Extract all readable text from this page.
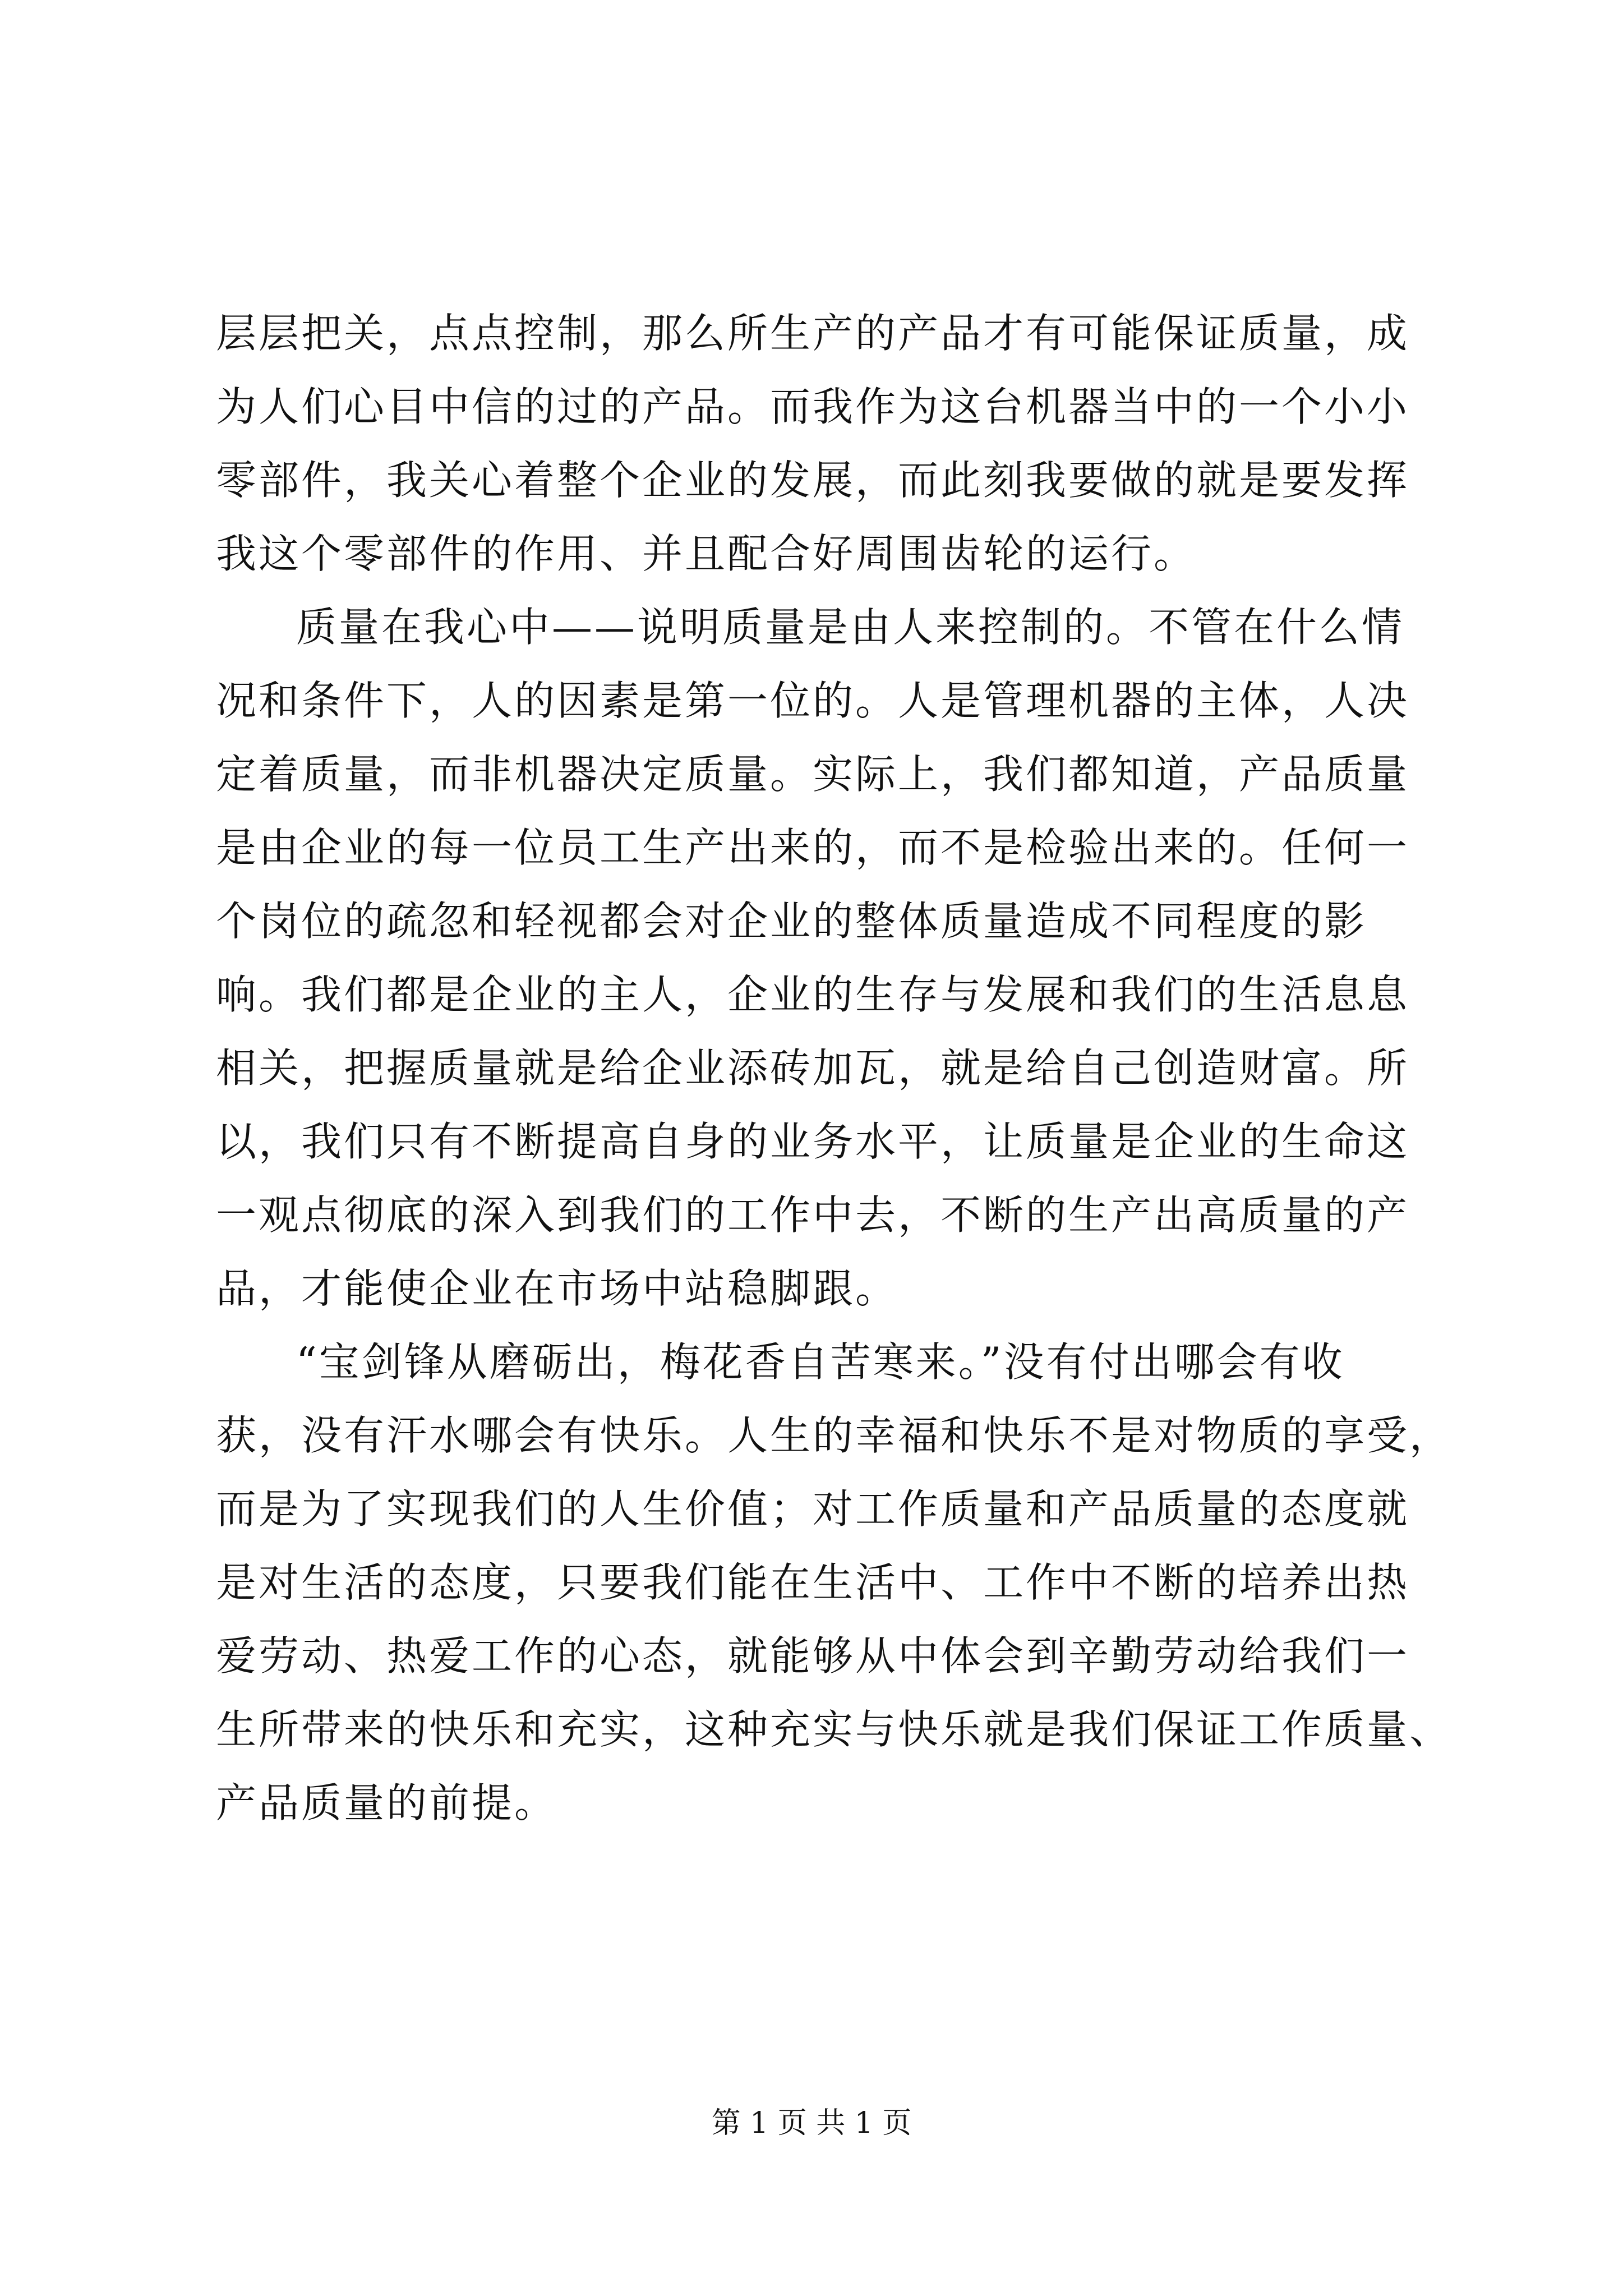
层层把关，点点控制，那么所生产的产品才有可能保证质量，成
为人们心目中信的过的产品。而我作为这台机器当中的一个小小
零部件，我关心着整个企业的发展，而此刻我要做的就是要发挥
我这个零部件的作用、并且配合好周围齿轮的运行。
质量在我心中——说明质量是由人来控制的。不管在什么情
况和条件下，人的因素是第一位的。人是管理机器的主体，人决
定着质量，而非机器决定质量。实际上，我们都知道，产品质量
是由企业的每一位员工生产出来的，而不是检验出来的。任何一
个岗位的疏忽和轻视都会对企业的整体质量造成不同程度的影
响。我们都是企业的主人，企业的生存与发展和我们的生活息息
相关，把握质量就是给企业添砖加瓦，就是给自己创造财富。所
以，我们只有不断提高自身的业务水平，让质量是企业的生命这
一观点彻底的深入到我们的工作中去，不断的生产出高质量的产
品，才能使企业在市场中站稳脚跟。
“宝剑锋从磨砺出，梅花香自苦寒来。”没有付出哪会有收
获，没有汗水哪会有快乐。人生的幸福和快乐不是对物质的享受，
而是为了实现我们的人生价值；对工作质量和产品质量的态度就
是对生活的态度，只要我们能在生活中、工作中不断的培养出热
爱劳动、热爱工作的心态，就能够从中体会到辛勤劳动给我们一
生所带来的快乐和充实，这种充实与快乐就是我们保证工作质量、
产品质量的前提。
第 1 页 共 1 页
